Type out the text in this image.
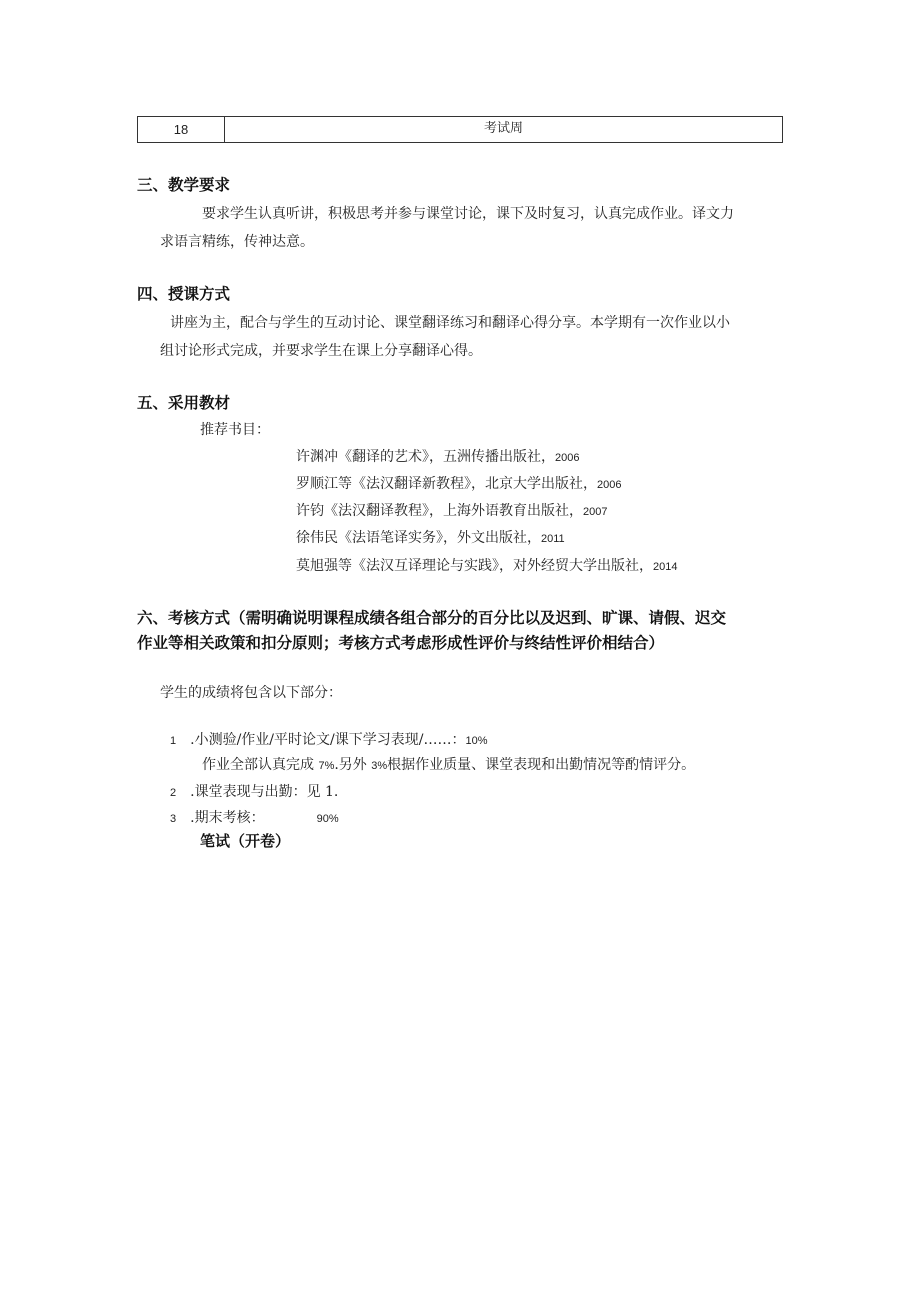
18	考试周
三、教学要求
要求学生认真听讲，积极思考并参与课堂讨论，课下及时复习，认真完成作业。译文力
求语言精练，传神达意。
四、授课方式
讲座为主，配合与学生的互动讨论、课堂翻译练习和翻译心得分享。本学期有一次作业以小
组讨论形式完成，并要求学生在课上分享翻译心得。
五、采用教材
推荐书目：
许渊冲《翻译的艺术》，五洲传播出版社，2006
罗顺江等《法汉翻译新教程》，北京大学出版社，2006
许钧《法汉翻译教程》，上海外语教育出版社，2007
徐伟民《法语笔译实务》，外文出版社，2011
莫旭强等《法汉互译理论与实践》，对外经贸大学出版社，2014
六、考核方式（需明确说明课程成绩各组合部分的百分比以及迟到、旷课、请假、迟交
作业等相关政策和扣分原则；考核方式考虑形成性评价与终结性评价相结合）
学生的成绩将包含以下部分：
1 .小测验/作业/平时论文/课下学习表现/……：10%
作业全部认真完成 7%.另外 3%根据作业质量、课堂表现和出勤情况等酌情评分。
2 .课堂表现与出勤：见 1.
3 .期末考核：	90%
笔试（开卷）
